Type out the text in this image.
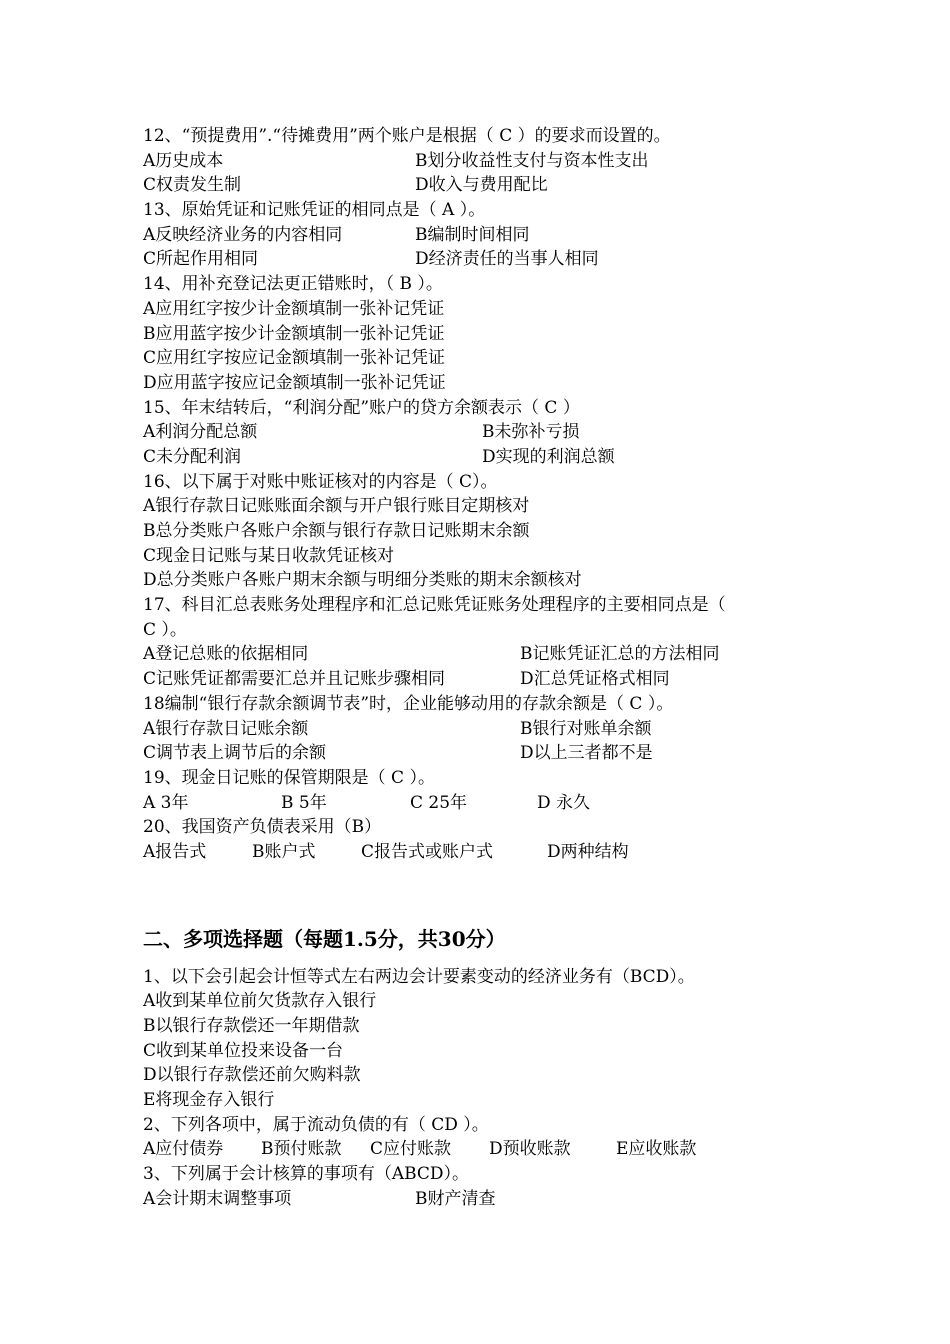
12、“预提费用”.“待摊费用”两个账户是根据（ C ）的要求而设置的。
A历史成本	B划分收益性支付与资本性支出
C权责发生制	D收入与费用配比
13、原始凭证和记账凭证的相同点是（ A ）。
A反映经济业务的内容相同	B编制时间相同
C所起作用相同	D经济责任的当事人相同
14、用补充登记法更正错账时，（ B ）。
A应用红字按少计金额填制一张补记凭证
B应用蓝字按少计金额填制一张补记凭证
C应用红字按应记金额填制一张补记凭证
D应用蓝字按应记金额填制一张补记凭证
15、年末结转后，“利润分配”账户的贷方余额表示（ C ）
A利润分配总额	B未弥补亏损
C未分配利润	D实现的利润总额
16、以下属于对账中账证核对的内容是（ C）。
A银行存款日记账账面余额与开户银行账目定期核对
B总分类账户各账户余额与银行存款日记账期末余额
C现金日记账与某日收款凭证核对
D总分类账户各账户期末余额与明细分类账的期末余额核对
17、科目汇总表账务处理程序和汇总记账凭证账务处理程序的主要相同点是（
C ）。
A登记总账的依据相同	B记账凭证汇总的方法相同
C记账凭证都需要汇总并且记账步骤相同	D汇总凭证格式相同
18编制“银行存款余额调节表”时，企业能够动用的存款余额是（ C ）。
A银行存款日记账余额	B银行对账单余额
C调节表上调节后的余额	D以上三者都不是
19、现金日记账的保管期限是（ C ）。
A 3年	B 5年	C 25年	D 永久
20、我国资产负债表采用（B）
A报告式	B账户式	C报告式或账户式	D两种结构
二、多项选择题（每题1.5分，共30分）
1、以下会引起会计恒等式左右两边会计要素变动的经济业务有（BCD）。
A收到某单位前欠货款存入银行
B以银行存款偿还一年期借款
C收到某单位投来设备一台
D以银行存款偿还前欠购料款
E将现金存入银行
2、下列各项中，属于流动负债的有（ CD ）。
A应付债券 B预付账款 C应付账款 D预收账款	E应收账款
3、下列属于会计核算的事项有（ABCD）。
A会计期末调整事项	B财产清查
